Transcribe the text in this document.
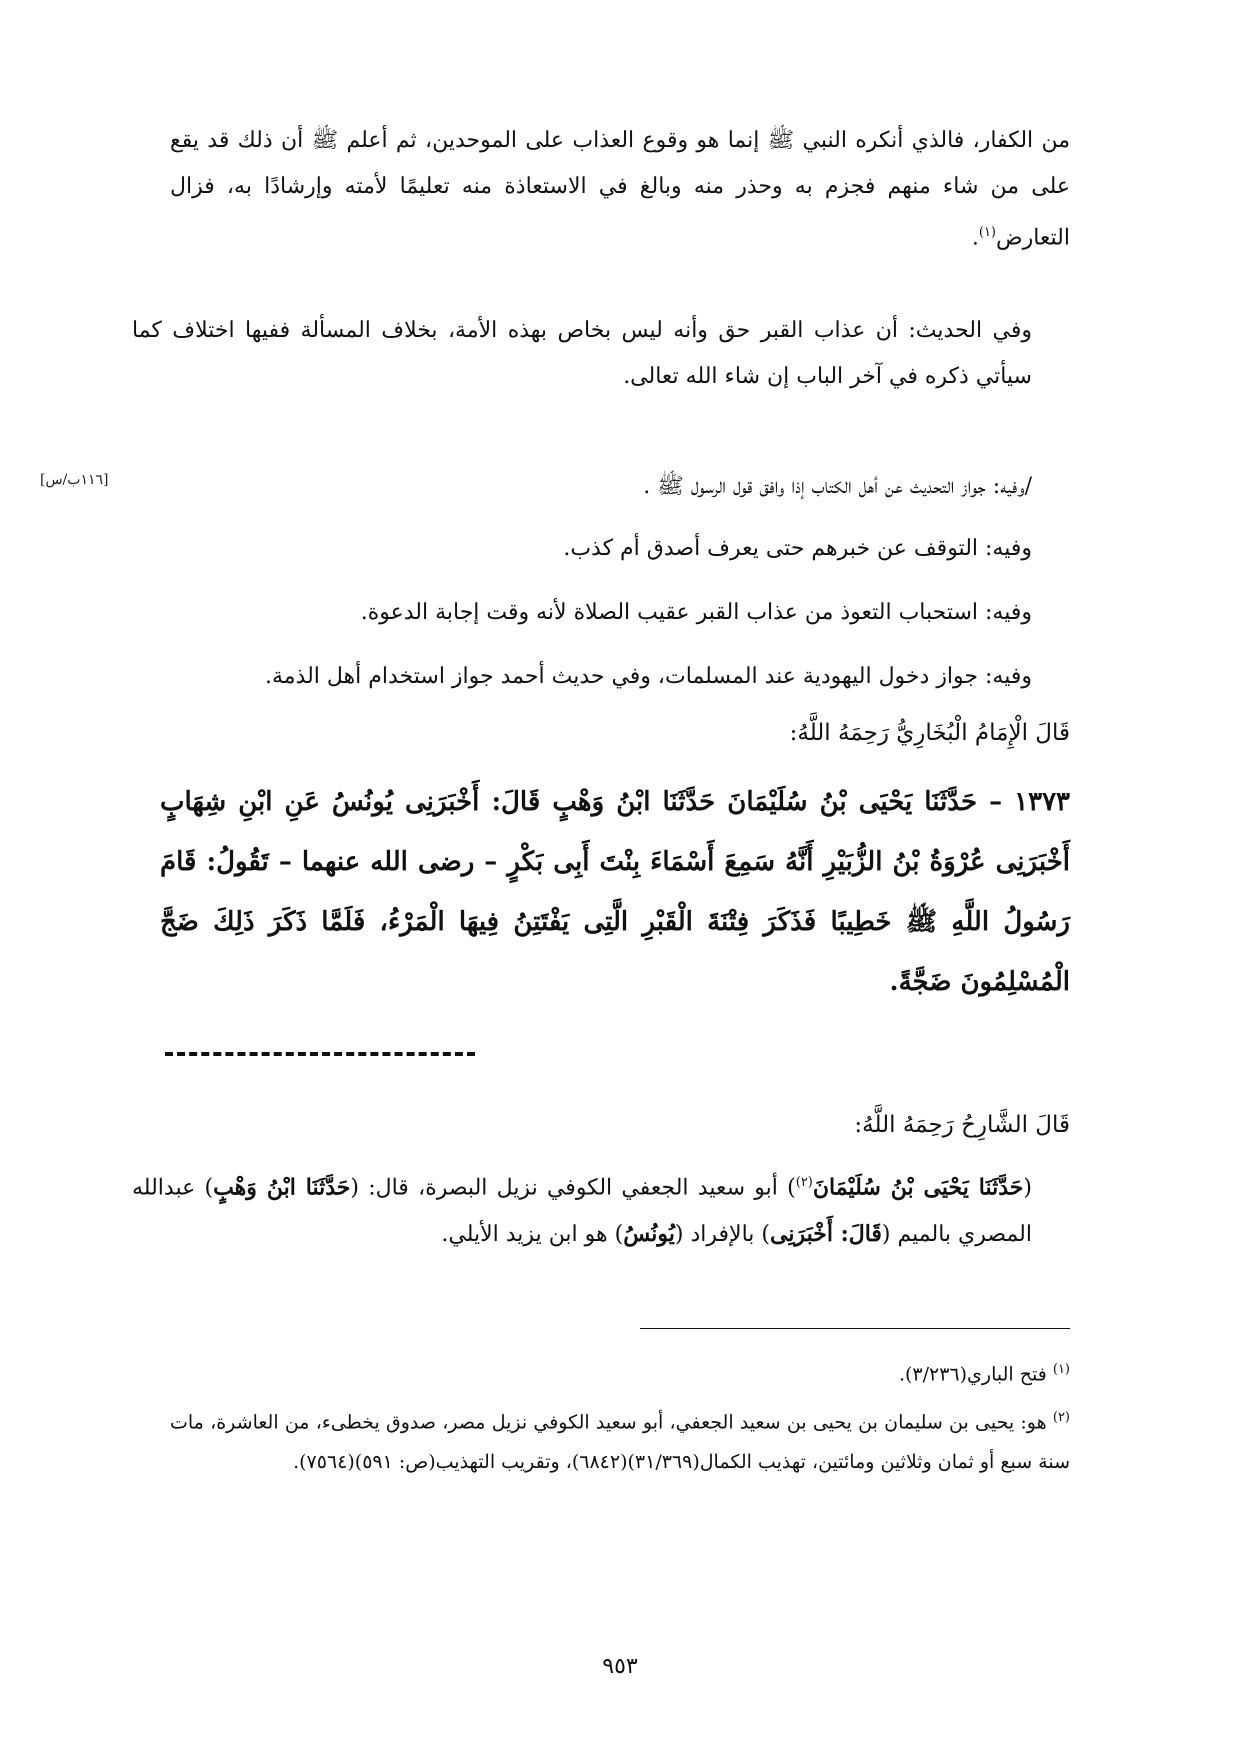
من الكفار، فالذي أنكره النبي ﷺ إنما هو وقوع العذاب على الموحدين، ثم أعلم ﷺ أن ذلك قد يقع على من شاء منهم فجزم به وحذر منه وبالغ في الاستعاذة منه تعليمًا لأمته وإرشادًا به، فزال التعارض$^{(١)}$.
وفي الحديث: أن عذاب القبر حق وأنه ليس بخاص بهذه الأمة، بخلاف المسألة ففيها اختلاف كما سيأتي ذكره في آخر الباب إن شاء الله تعالى.
/وفيه: جواز التحديث عن أهل الكتاب إذا وافق قول الرسول ﷺ .
[١١٦ب/س]
وفيه: التوقف عن خبرهم حتى يعرف أصدق أم كذب.
وفيه: استحباب التعوذ من عذاب القبر عقيب الصلاة لأنه وقت إجابة الدعوة.
وفيه: جواز دخول اليهودية عند المسلمات، وفي حديث أحمد جواز استخدام أهل الذمة.
قَالَ الْإِمَامُ الْبُخَارِيُّ رَحِمَهُ اللَّهُ:
١٣٧٣ – حَدَّثَنَا يَحْيَى بْنُ سُلَيْمَانَ حَدَّثَنَا ابْنُ وَهْبٍ قَالَ: أَخْبَرَنِى يُونُسُ عَنِ ابْنِ شِهَابٍ أَخْبَرَنِى عُرْوَةُ بْنُ الزُّبَيْرِ أَنَّهُ سَمِعَ أَسْمَاءَ بِنْتَ أَبِى بَكْرٍ – رضى الله عنهما – تَقُولُ: قَامَ رَسُولُ اللَّهِ ﷺ خَطِيبًا فَذَكَرَ فِتْنَةَ الْقَبْرِ الَّتِى يَفْتَتِنُ فِيهَا الْمَرْءُ، فَلَمَّا ذَكَرَ ذَلِكَ ضَجَّ الْمُسْلِمُونَ ضَجَّةً.
قَالَ الشَّارِحُ رَحِمَهُ اللَّهُ:
(حَدَّثَنَا يَحْيَى بْنُ سُلَيْمَانَ$^{(٢)}$) أبو سعيد الجعفي الكوفي نزيل البصرة، قال: (حَدَّثَنَا ابْنُ وَهْبٍ) عبدالله المصري بالميم (قَالَ: أَخْبَرَنِى) بالإفراد (يُونُسُ) هو ابن يزيد الأيلي.
$^{(١)}$ فتح الباري(٣/٢٣٦).
$^{(٢)}$ هو: يحيى بن سليمان بن يحيى بن سعيد الجعفي، أبو سعيد الكوفي نزيل مصر، صدوق يخطىء، من العاشرة، مات سنة سبع أو ثمان وثلاثين ومائتين، تهذيب الكمال(٣١/٣٦٩)(٦٨٤٢)، وتقريب التهذيب(ص: ٥٩١)(٧٥٦٤).
٩٥٣
